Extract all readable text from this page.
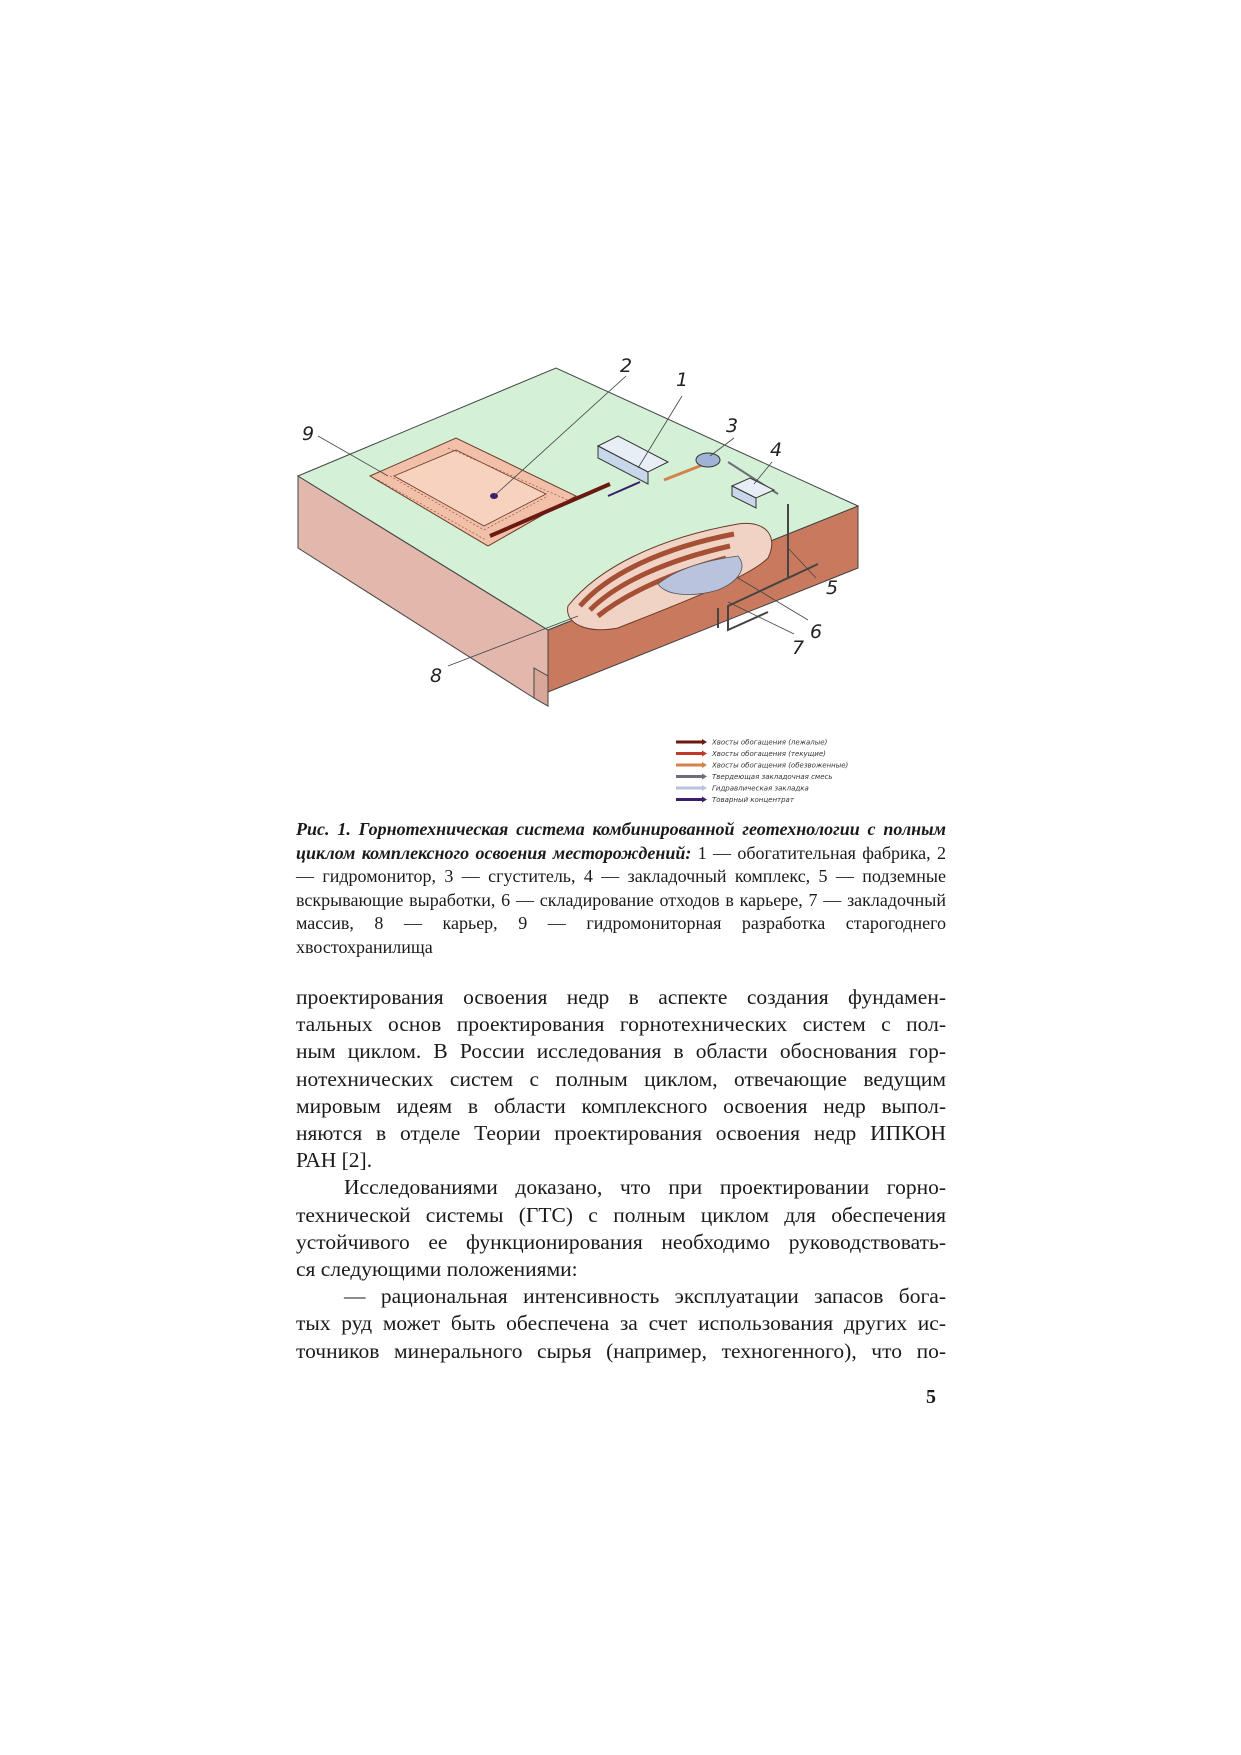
1
2
3
4
5
6
7
8
9
Хвосты обогащения (лежалые)
Хвосты обогащения (текущие)
Хвосты обогащения (обезвоженные)
Твердеющая закладочная смесь
Гидравлическая закладка
Товарный концентрат
Рис. 1. Горнотехническая система комбинированной геотехнологии с полным циклом комплексного освоения месторождений: 1 — обогатительная фабрика, 2 — гидромонитор, 3 — сгуститель, 4 — закладочный комплекс, 5 — подземные вскрывающие выработки, 6 — складирование отходов в карьере, 7 — закладочный массив, 8 — карьер, 9 — гидромониторная разработка старогоднего хвостохранилища

проектирования освоения недр в аспекте создания фундамен-

тальных основ проектирования горнотехнических систем с пол-

ным циклом. В России исследования в области обоснования гор-

нотехнических систем с полным циклом, отвечающие ведущим

мировым идеям в области комплексного освоения недр выпол-

няются в отделе Теории проектирования освоения недр ИПКОН

РАН [2].

Исследованиями доказано, что при проектировании горно-

технической системы (ГТС) с полным циклом для обеспечения

устойчивого ее функционирования необходимо руководствовать-

ся следующими положениями:

— рациональная интенсивность эксплуатации запасов бога-

тых руд может быть обеспечена за счет использования других ис-

точников минерального сырья (например, техногенного), что по-

5
